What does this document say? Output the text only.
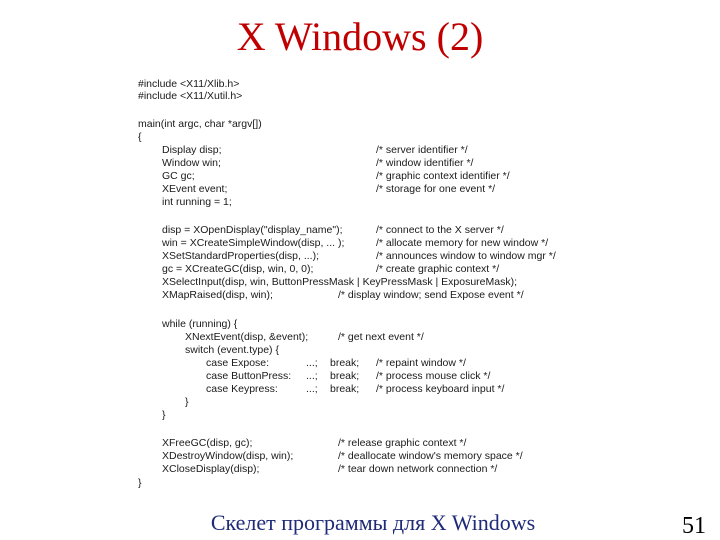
X Windows (2)
#include <X11/Xlib.h>
#include <X11/Xutil.h>
main(int argc, char *argv[])
{
Display disp;	/* server identifier */
Window win;	/* window identifier */
GC gc;	/* graphic context identifier */
XEvent event;	/* storage for one event */
int running = 1;
disp = XOpenDisplay("display_name");	/* connect to the X server */
win = XCreateSimpleWindow(disp, ... );	/* allocate memory for new window */
XSetStandardProperties(disp, ...);	/* announces window to window mgr */
gc = XCreateGC(disp, win, 0, 0);	/* create graphic context */
XSelectInput(disp, win, ButtonPressMask | KeyPressMask | ExposureMask);
XMapRaised(disp, win);	/* display window; send Expose event */
while (running) {
XNextEvent(disp, &event);	/* get next event */
switch (event.type) {
case Expose:	...; break; /* repaint window */
case ButtonPress: ...; break; /* process mouse click */
case Keypress:	...; break; /* process keyboard input */
}
}
XFreeGC(disp, gc);	/* release graphic context */
XDestroyWindow(disp, win);	/* deallocate window's memory space */
XCloseDisplay(disp);	/* tear down network connection */
}
Скелет программы для X Windows	51
